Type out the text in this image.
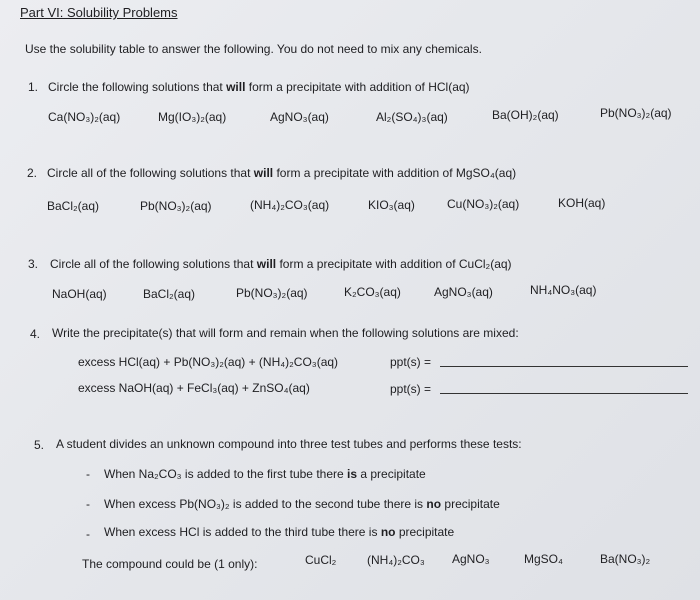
Part VI: Solubility Problems
Use the solubility table to answer the following. You do not need to mix any chemicals.
1. Circle the following solutions that will form a precipitate with addition of HCl(aq)
Ca(NO₃)₂(aq)	Mg(IO₃)₂(aq)	AgNO₃(aq)	Al₂(SO₄)₃(aq)	Ba(OH)₂(aq)	Pb(NO₃)₂(aq)
2. Circle all of the following solutions that will form a precipitate with addition of MgSO₄(aq)
BaCl₂(aq)	Pb(NO₃)₂(aq)	(NH₄)₂CO₃(aq)	KIO₃(aq)	Cu(NO₃)₂(aq)	KOH(aq)
3. Circle all of the following solutions that will form a precipitate with addition of CuCl₂(aq)
NaOH(aq)	BaCl₂(aq)	Pb(NO₃)₂(aq)	K₂CO₃(aq)	AgNO₃(aq)	NH₄NO₃(aq)
4. Write the precipitate(s) that will form and remain when the following solutions are mixed:
excess HCl(aq) + Pb(NO₃)₂(aq) + (NH₄)₂CO₃(aq)	ppt(s) =
excess NaOH(aq) + FeCl₃(aq) + ZnSO₄(aq)	ppt(s) =
5. A student divides an unknown compound into three test tubes and performs these tests:
- When Na₂CO₃ is added to the first tube there is a precipitate
- When excess Pb(NO₃)₂ is added to the second tube there is no precipitate
- When excess HCl is added to the third tube there is no precipitate
The compound could be (1 only):	CuCl₂	(NH₄)₂CO₃ AgNO₃	MgSO₄	Ba(NO₃)₂
